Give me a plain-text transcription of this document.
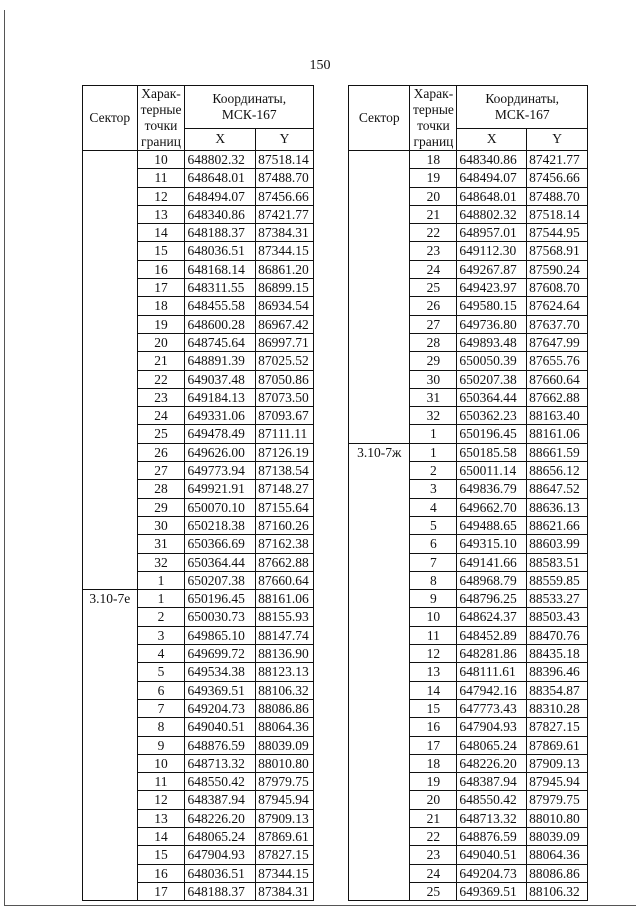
150
Сектор	Харак-терные точки границ	Координаты, МСК-167	
		X	Y
	10	648802.32	87518.14
	11	648648.01	87488.70
	12	648494.07	87456.66
	13	648340.86	87421.77
	14	648188.37	87384.31
	15	648036.51	87344.15
	16	648168.14	86861.20
	17	648311.55	86899.15
	18	648455.58	86934.54
	19	648600.28	86967.42
	20	648745.64	86997.71
	21	648891.39	87025.52
	22	649037.48	87050.86
	23	649184.13	87073.50
	24	649331.06	87093.67
	25	649478.49	87111.11
	26	649626.00	87126.19
	27	649773.94	87138.54
	28	649921.91	87148.27
	29	650070.10	87155.64
	30	650218.38	87160.26
	31	650366.69	87162.38
	32	650364.44	87662.88
	1	650207.38	87660.64
3.10-7е	1	650196.45	88161.06
	2	650030.73	88155.93
	3	649865.10	88147.74
	4	649699.72	88136.90
	5	649534.38	88123.13
	6	649369.51	88106.32
	7	649204.73	88086.86
	8	649040.51	88064.36
	9	648876.59	88039.09
	10	648713.32	88010.80
	11	648550.42	87979.75
	12	648387.94	87945.94
	13	648226.20	87909.13
	14	648065.24	87869.61
	15	647904.93	87827.15
	16	648036.51	87344.15
	17	648188.37	87384.31
Сектор	Харак-терные точки границ	Координаты, МСК-167	
		X	Y
	18	648340.86	87421.77
	19	648494.07	87456.66
	20	648648.01	87488.70
	21	648802.32	87518.14
	22	648957.01	87544.95
	23	649112.30	87568.91
	24	649267.87	87590.24
	25	649423.97	87608.70
	26	649580.15	87624.64
	27	649736.80	87637.70
	28	649893.48	87647.99
	29	650050.39	87655.76
	30	650207.38	87660.64
	31	650364.44	87662.88
	32	650362.23	88163.40
	1	650196.45	88161.06
3.10-7ж	1	650185.58	88661.59
	2	650011.14	88656.12
	3	649836.79	88647.52
	4	649662.70	88636.13
	5	649488.65	88621.66
	6	649315.10	88603.99
	7	649141.66	88583.51
	8	648968.79	88559.85
	9	648796.25	88533.27
	10	648624.37	88503.43
	11	648452.89	88470.76
	12	648281.86	88435.18
	13	648111.61	88396.46
	14	647942.16	88354.87
	15	647773.43	88310.28
	16	647904.93	87827.15
	17	648065.24	87869.61
	18	648226.20	87909.13
	19	648387.94	87945.94
	20	648550.42	87979.75
	21	648713.32	88010.80
	22	648876.59	88039.09
	23	649040.51	88064.36
	24	649204.73	88086.86
	25	649369.51	88106.32
